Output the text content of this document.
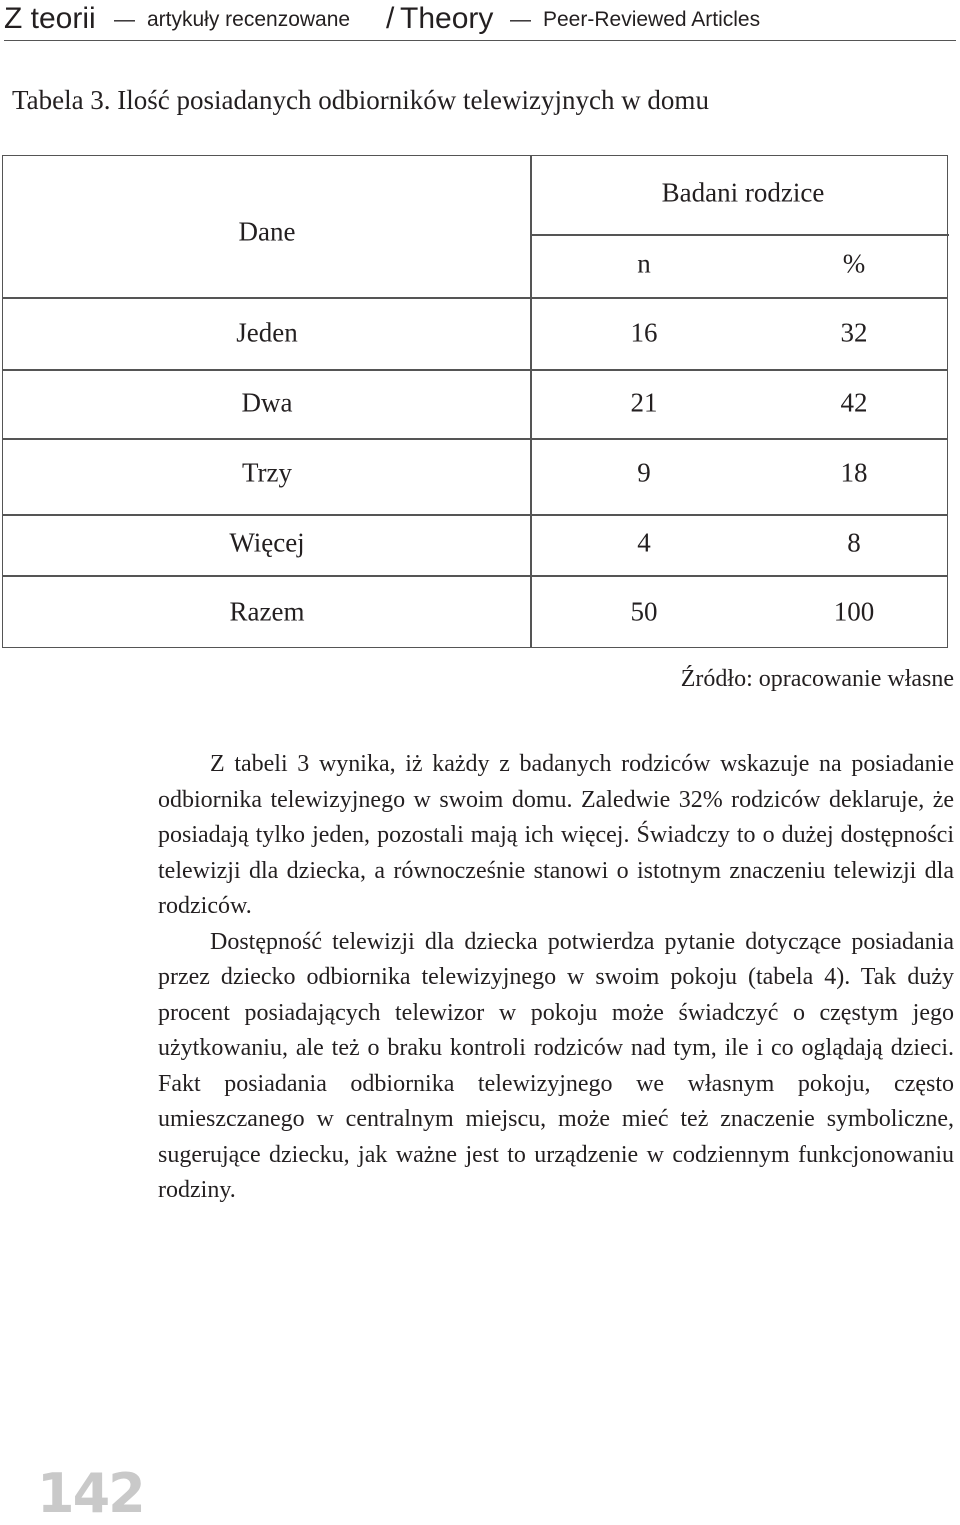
Z teorii — artykuły recenzowane / Theory — Peer-Reviewed Articles
Tabela 3. Ilość posiadanych odbiorników telewizyjnych w domu
Dane
Badani rodzice
n	%
Jeden	16	32
Dwa	21	42
Trzy	9	18
Więcej	4	8
Razem	50	100
Źródło: opracowanie własne

Z tabeli 3 wynika, iż każdy z badanych rodziców wskazuje na posiadanie odbiornika telewizyjnego w swoim domu. Zaledwie 32% rodziców deklaruje, że posiadają tylko jeden, pozostali mają ich więcej. Świadczy to o dużej dostępności telewizji dla dziecka, a równocześnie stanowi o istotnym znaczeniu telewizji dla rodziców.

Dostępność telewizji dla dziecka potwierdza pytanie dotyczące posiadania przez dziecko odbiornika telewizyjnego w swoim pokoju (tabela 4). Tak duży procent posiadających telewizor w pokoju może świadczyć o częstym jego użytkowaniu, ale też o braku kontroli rodziców nad tym, ile i co oglądają dzieci. Fakt posiadania odbiornika telewizyjnego we własnym pokoju, często umieszczanego w centralnym miejscu, może mieć też znaczenie symboliczne, sugerujące dziecku, jak ważne jest to urządzenie w codziennym funkcjonowaniu rodziny.

142
